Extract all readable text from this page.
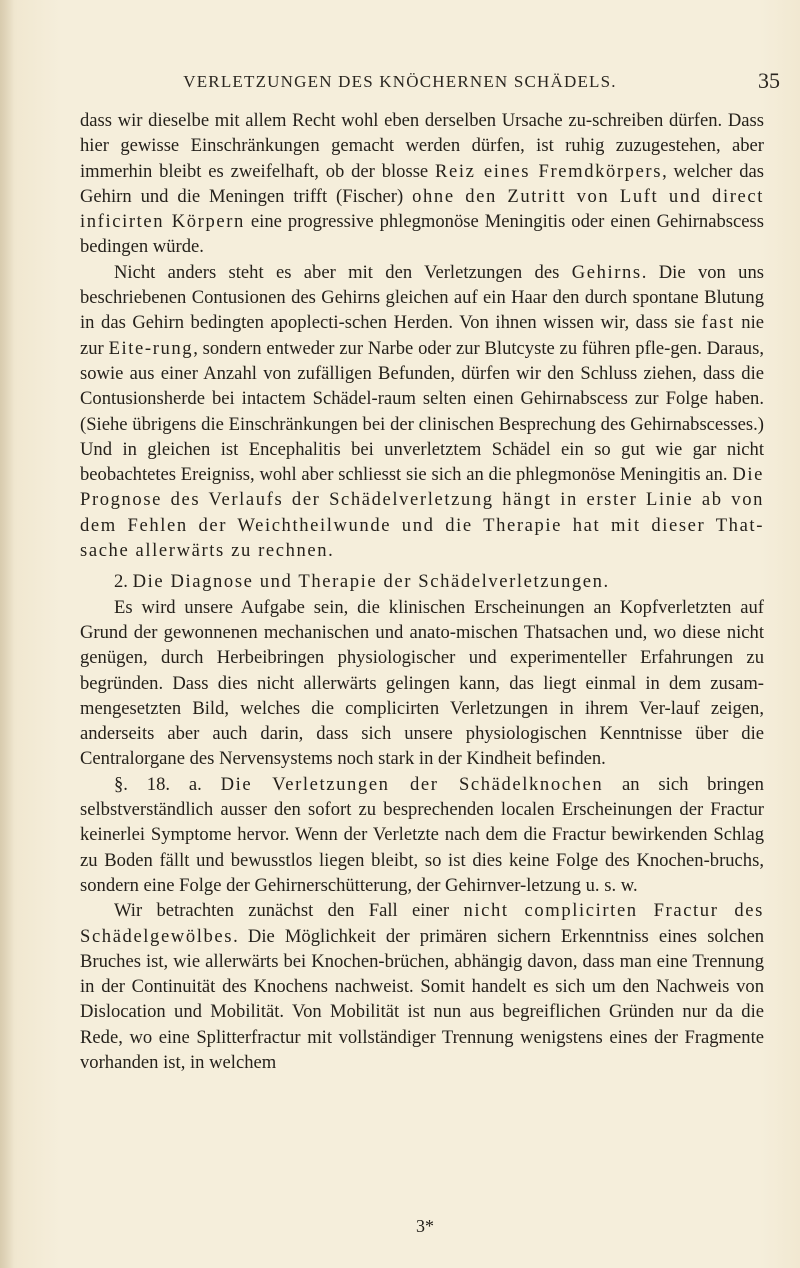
VERLETZUNGEN DES KNÖCHERNEN SCHÄDELS.	35

dass wir dieselbe mit allem Recht wohl eben derselben Ursache zu-schreiben dürfen. Dass hier gewisse Einschränkungen gemacht werden dürfen, ist ruhig zuzugestehen, aber immerhin bleibt es zweifelhaft, ob der blosse Reiz eines Fremdkörpers, welcher das Gehirn und die Meningen trifft (Fischer) ohne den Zutritt von Luft und direct inficirten Körpern eine progressive phlegmonöse Meningitis oder einen Gehirnabscess bedingen würde.

Nicht anders steht es aber mit den Verletzungen des Gehirns. Die von uns beschriebenen Contusionen des Gehirns gleichen auf ein Haar den durch spontane Blutung in das Gehirn bedingten apoplecti-schen Herden. Von ihnen wissen wir, dass sie fast nie zur Eite-rung, sondern entweder zur Narbe oder zur Blutcyste zu führen pfle-gen. Daraus, sowie aus einer Anzahl von zufälligen Befunden, dürfen wir den Schluss ziehen, dass die Contusionsherde bei intactem Schädel-raum selten einen Gehirnabscess zur Folge haben. (Siehe übrigens die Einschränkungen bei der clinischen Besprechung des Gehirnabscesses.) Und in gleichen ist Encephalitis bei unverletztem Schädel ein so gut wie gar nicht beobachtetes Ereigniss, wohl aber schliesst sie sich an die phlegmonöse Meningitis an. Die Prognose des Verlaufs der Schädelverletzung hängt in erster Linie ab von dem Fehlen der Weichtheilwunde und die Therapie hat mit dieser That-sache allerwärts zu rechnen.

2. Die Diagnose und Therapie der Schädelverletzungen.

Es wird unsere Aufgabe sein, die klinischen Erscheinungen an Kopfverletzten auf Grund der gewonnenen mechanischen und anato-mischen Thatsachen und, wo diese nicht genügen, durch Herbeibringen physiologischer und experimenteller Erfahrungen zu begründen. Dass dies nicht allerwärts gelingen kann, das liegt einmal in dem zusam-mengesetzten Bild, welches die complicirten Verletzungen in ihrem Ver-lauf zeigen, anderseits aber auch darin, dass sich unsere physiologischen Kenntnisse über die Centralorgane des Nervensystems noch stark in der Kindheit befinden.

§. 18. a. Die Verletzungen der Schädelknochen an sich bringen selbstverständlich ausser den sofort zu besprechenden localen Erscheinungen der Fractur keinerlei Symptome hervor. Wenn der Verletzte nach dem die Fractur bewirkenden Schlag zu Boden fällt und bewusstlos liegen bleibt, so ist dies keine Folge des Knochen-bruchs, sondern eine Folge der Gehirnerschütterung, der Gehirnver-letzung u. s. w.

Wir betrachten zunächst den Fall einer nicht complicirten Fractur des Schädelgewölbes. Die Möglichkeit der primären sichern Erkenntniss eines solchen Bruches ist, wie allerwärts bei Knochen-brüchen, abhängig davon, dass man eine Trennung in der Continuität des Knochens nachweist. Somit handelt es sich um den Nachweis von Dislocation und Mobilität. Von Mobilität ist nun aus begreiflichen Gründen nur da die Rede, wo eine Splitterfractur mit vollständiger Trennung wenigstens eines der Fragmente vorhanden ist, in welchem

3*
